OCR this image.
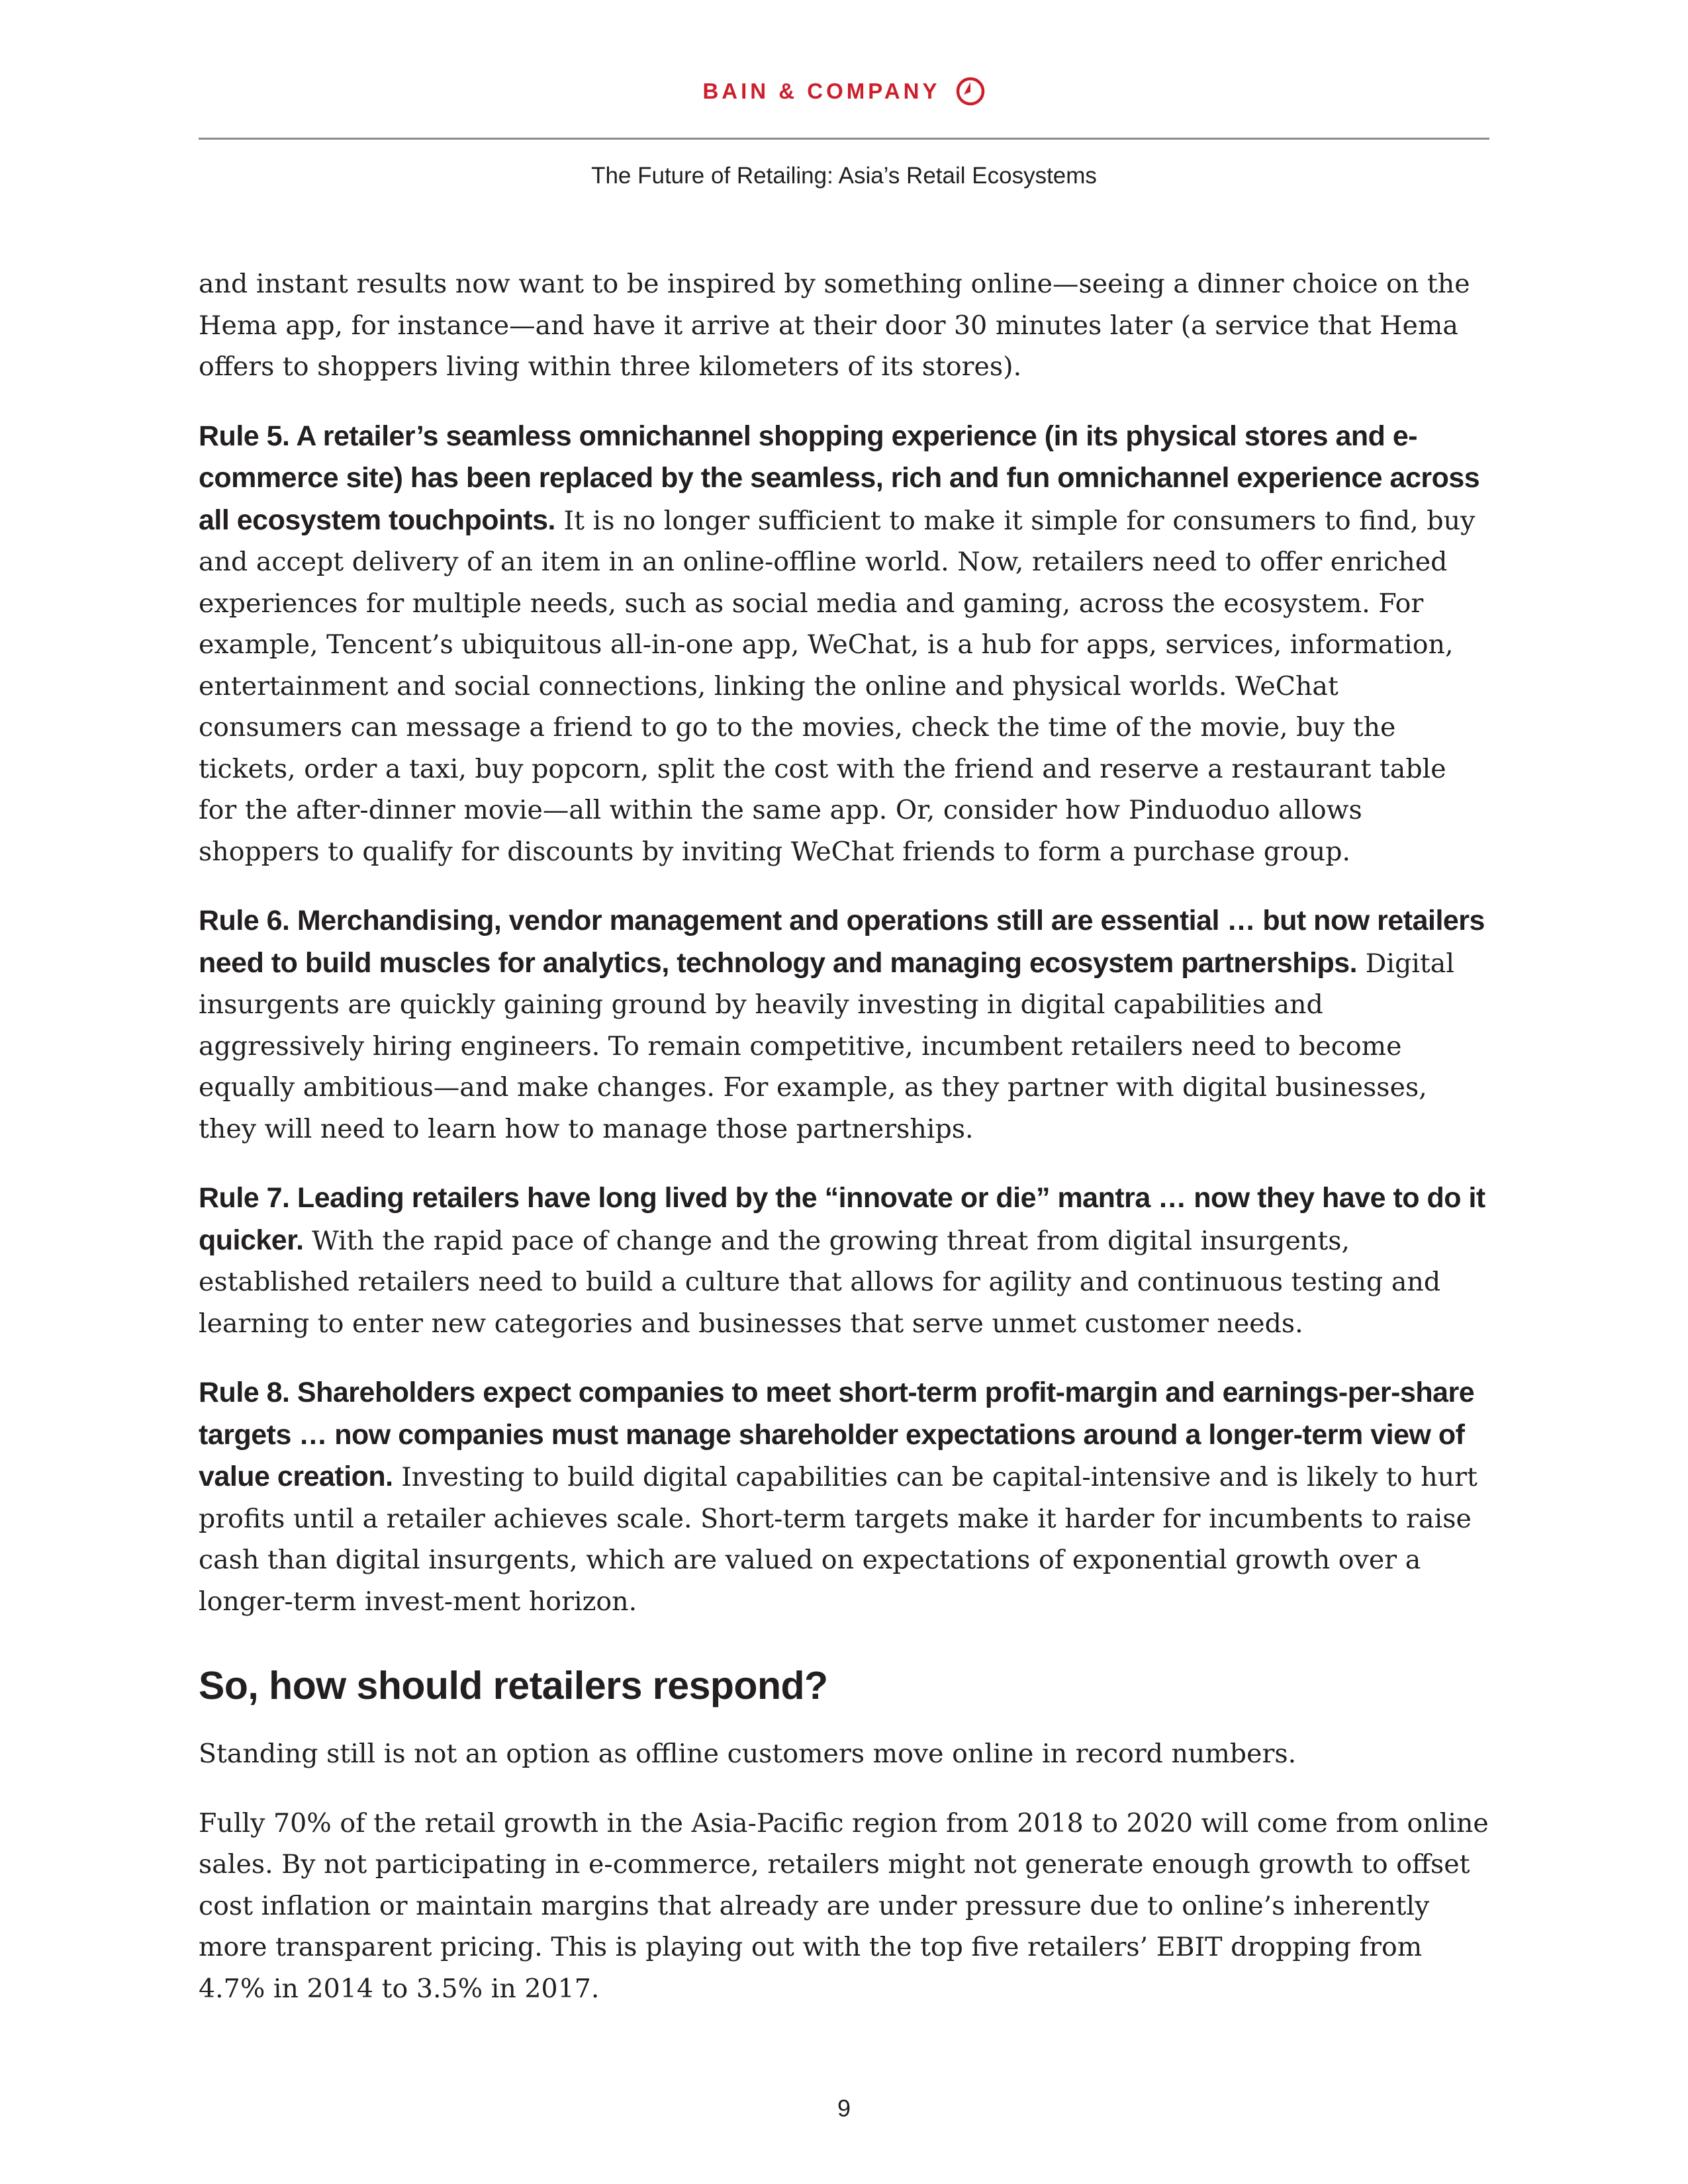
BAIN & COMPANY
The Future of Retailing: Asia’s Retail Ecosystems

and instant results now want to be inspired by something online—seeing a dinner choice on the Hema app, for instance—and have it arrive at their door 30 minutes later (a service that Hema offers to shoppers living within three kilometers of its stores).

Rule 5. A retailer’s seamless omnichannel shopping experience (in its physical stores and e-commerce site) has been replaced by the seamless, rich and fun omnichannel experience across all ecosystem touchpoints. It is no longer sufficient to make it simple for consumers to find, buy and accept delivery of an item in an online-offline world. Now, retailers need to offer enriched experiences for multiple needs, such as social media and gaming, across the ecosystem. For example, Tencent’s ubiquitous all-in-one app, WeChat, is a hub for apps, services, information, entertainment and social connections, linking the online and physical worlds. WeChat consumers can message a friend to go to the movies, check the time of the movie, buy the tickets, order a taxi, buy popcorn, split the cost with the friend and reserve a restaurant table for the after-dinner movie—all within the same app. Or, consider how Pinduoduo allows shoppers to qualify for discounts by inviting WeChat friends to form a purchase group.

Rule 6. Merchandising, vendor management and operations still are essential … but now retailers need to build muscles for analytics, technology and managing ecosystem partnerships. Digital insurgents are quickly gaining ground by heavily investing in digital capabilities and aggressively hiring engineers. To remain competitive, incumbent retailers need to become equally ambitious—and make changes. For example, as they partner with digital businesses, they will need to learn how to manage those partnerships.

Rule 7. Leading retailers have long lived by the “innovate or die” mantra … now they have to do it quicker. With the rapid pace of change and the growing threat from digital insurgents, established retailers need to build a culture that allows for agility and continuous testing and learning to enter new categories and businesses that serve unmet customer needs.

Rule 8. Shareholders expect companies to meet short-term profit-margin and earnings-per-share targets … now companies must manage shareholder expectations around a longer-term view of value creation. Investing to build digital capabilities can be capital-intensive and is likely to hurt profits until a retailer achieves scale. Short-term targets make it harder for incumbents to raise cash than digital insurgents, which are valued on expectations of exponential growth over a longer-term invest-ment horizon.

So, how should retailers respond?

Standing still is not an option as offline customers move online in record numbers.

Fully 70% of the retail growth in the Asia-Pacific region from 2018 to 2020 will come from online sales. By not participating in e-commerce, retailers might not generate enough growth to offset cost inflation or maintain margins that already are under pressure due to online’s inherently more transparent pricing. This is playing out with the top five retailers’ EBIT dropping from 4.7% in 2014 to 3.5% in 2017.

9
